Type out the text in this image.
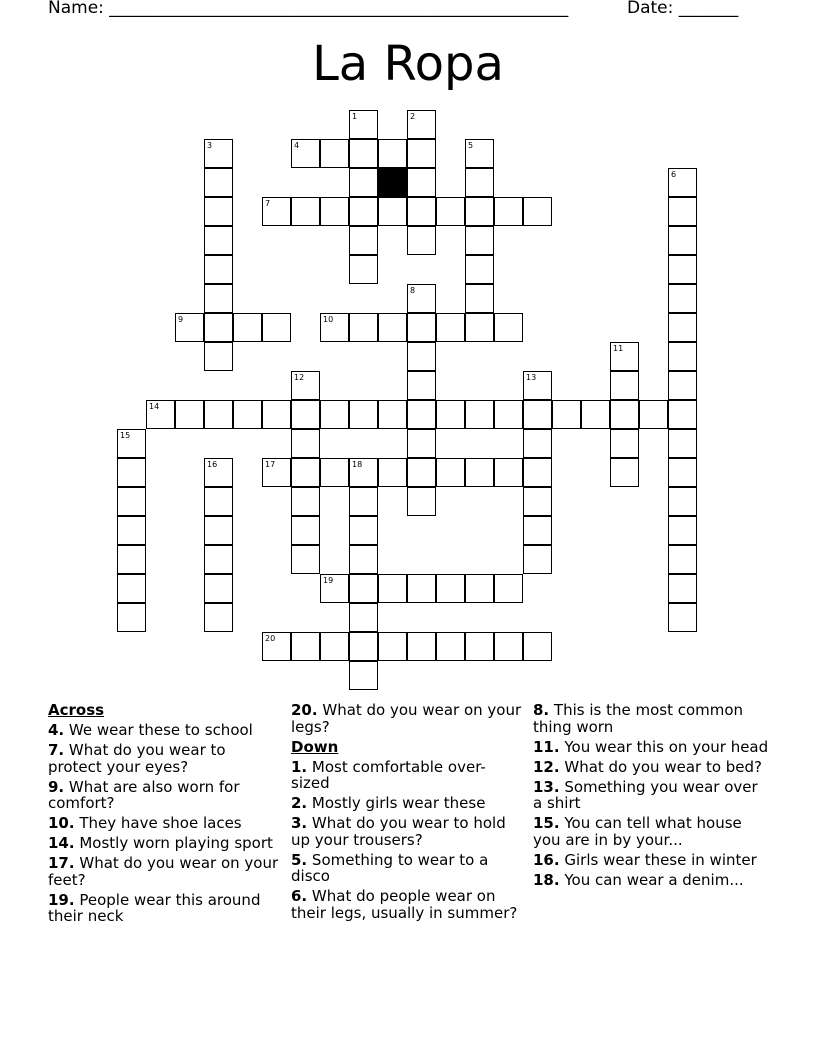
Name: ______________________________________________________	Date: _______
La Ropa
1	2
3	4	5
6
7
8
9	10
11
12	13
14
15
16	17	18
19
20
Across
4. We wear these to school
7. What do you wear to protect your eyes?
9. What are also worn for comfort?
10. They have shoe laces
14. Mostly worn playing sport
17. What do you wear on your feet?
19. People wear this around their neck
20. What do you wear on your legs?
Down
1. Most comfortable over-sized
2. Mostly girls wear these
3. What do you wear to hold up your trousers?
5. Something to wear to a disco
6. What do people wear on their legs, usually in summer?
8. This is the most common thing worn
11. You wear this on your head
12. What do you wear to bed?
13. Something you wear over a shirt
15. You can tell what house you are in by your...
16. Girls wear these in winter
18. You can wear a denim...
